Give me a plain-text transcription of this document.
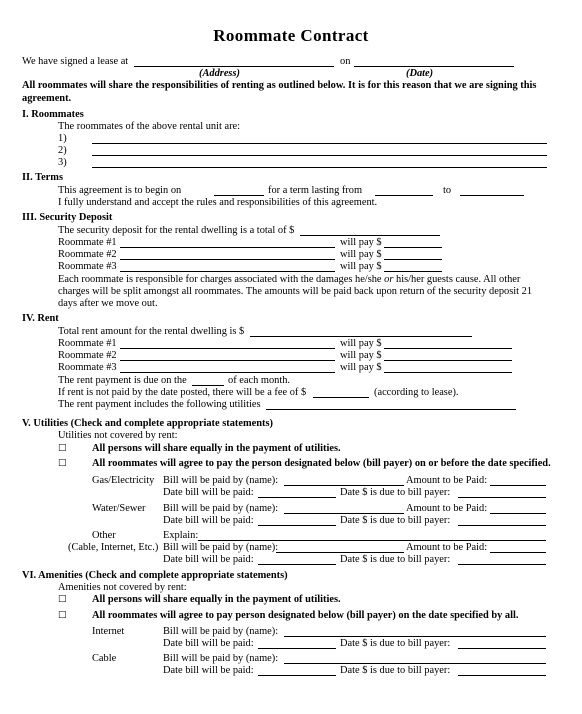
Roommate Contract
We have signed a lease at	on
(Address)	(Date)
All roommates will share the responsibilities of renting as outlined below. It is for this reason that we are signing this
agreement.
I. Roommates
The roommates of the above rental unit are:
1)
2)
3)
II. Terms
This agreement is to begin on	for a term lasting from	to
I fully understand and accept the rules and responsibilities of this agreement.
III. Security Deposit
The security deposit for the rental dwelling is a total of $
Roommate #1	will pay $
Roommate #2	will pay $
Roommate #3	will pay $
Each roommate is responsible for charges associated with the damages he/she or his/her guests cause. All other
charges will be split amongst all roommates. The amounts will be paid back upon return of the security deposit 21
days after we move out.
IV. Rent
Total rent amount for the rental dwelling is $
Roommate #1	will pay $
Roommate #2	will pay $
Roommate #3	will pay $
The rent payment is due on the	of each month.
If rent is not paid by the date posted, there will be a fee of $	(according to lease).
The rent payment includes the following utilities
V. Utilities (Check and complete appropriate statements)
Utilities not covered by rent:
□ All persons will share equally in the payment of utilities.
□ All roommates will agree to pay the person designated below (bill payer) on or before the date specified.
Gas/Electricity Bill will be paid by (name):	Amount to be Paid:
Date bill will be paid:	Date $ is due to bill payer:
Water/Sewer Bill will be paid by (name):	Amount to be Paid:
Date bill will be paid:	Date $ is due to bill payer:
Other	Explain:
(Cable, Internet, Etc.) Bill will be paid by (name):	Amount to be Paid:
Date bill will be paid:	Date $ is due to bill payer:
VI. Amenities (Check and complete appropriate statements)
Amenities not covered by rent:
□ All persons will share equally in the payment of utilities.
□ All roommates will agree to pay person designated below (bill payer) on the date specified by all.
Internet	Bill will be paid by (name):
Date bill will be paid:	Date $ is due to bill payer:
Cable	Bill will be paid by (name):
Date bill will be paid:	Date $ is due to bill payer:
